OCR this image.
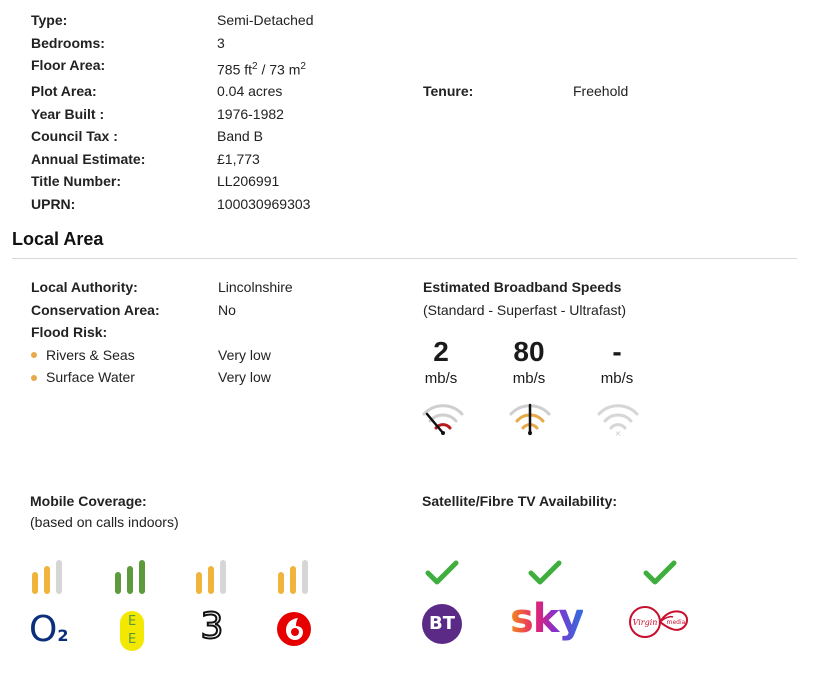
Type:	Semi-Detached
Bedrooms:	3
Floor Area:	785 $ft^2 / 73$ $m^2$
Plot Area:	0.04 acres	Tenure:	Freehold
Year Built :	1976-1982
Council Tax :	Band B
Annual Estimate:	£1,773
Title Number:	LL206991
UPRN:	100030969303
Local Area
Local Authority:	Lincolnshire
Conservation Area:	No
Flood Risk:
Rivers & Seas	Very low
Surface Water	Very low
Estimated Broadband Speeds
(Standard - Superfast - Ultrafast)
2
mb/s
80
mb/s
-
mb/s
×
Mobile Coverage:
(based on calls indoors)
O2
EE 3
Satellite/Fibre TV Availability:
BT sky	Virgin media
